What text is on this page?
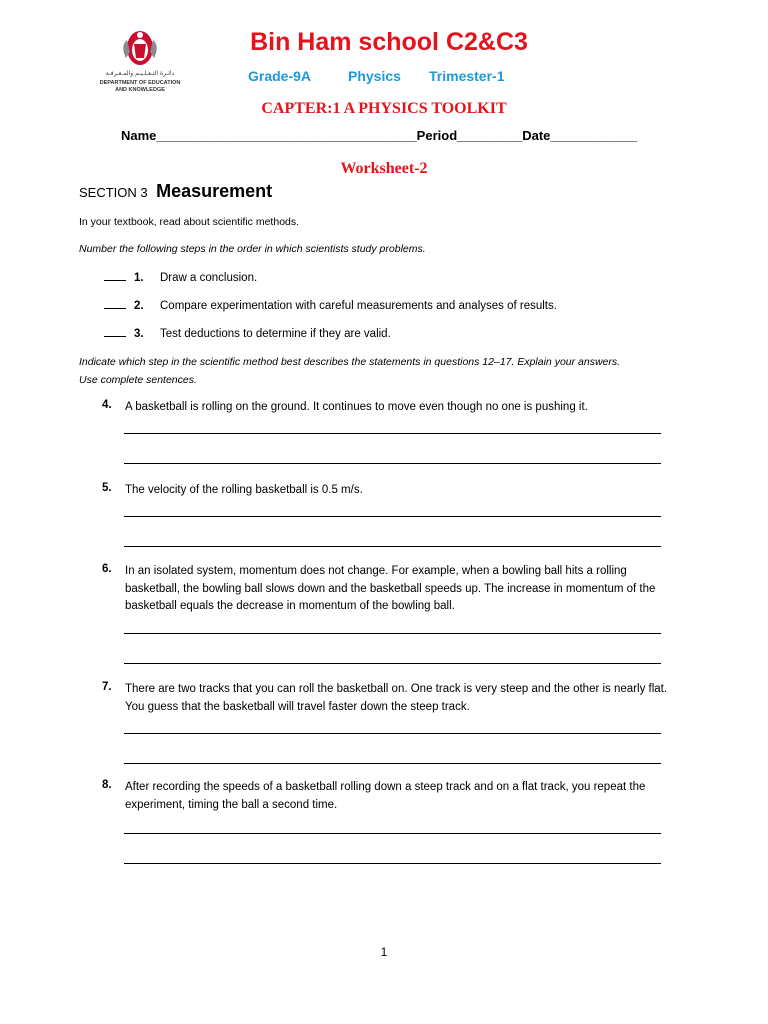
دائـرة التـعـلـيـم والمـعـرفـة
DEPARTMENT OF EDUCATION
AND KNOWLEDGE
Bin Ham school C2&C3
Grade-9A	Physics Trimester-1
CAPTER:1 A PHYSICS TOOLKIT
Name____________________________________Period_________Date____________
Worksheet-2
SECTION 3 Measurement
In your textbook, read about scientific methods.
Number the following steps in the order in which scientists study problems.
1. Draw a conclusion.
2. Compare experimentation with careful measurements and analyses of results.
3. Test deductions to determine if they are valid.
Indicate which step in the scientific method best describes the statements in questions 12–17. Explain your answers. Use complete sentences.
4. A basketball is rolling on the ground. It continues to move even though no one is pushing it.
5. The velocity of the rolling basketball is 0.5 m/s.
6. In an isolated system, momentum does not change. For example, when a bowling ball hits a rolling basketball, the bowling ball slows down and the basketball speeds up. The increase in momentum of the basketball equals the decrease in momentum of the bowling ball.
7. There are two tracks that you can roll the basketball on. One track is very steep and the other is nearly flat. You guess that the basketball will travel faster down the steep track.
8. After recording the speeds of a basketball rolling down a steep track and on a flat track, you repeat the experiment, timing the ball a second time.
1
